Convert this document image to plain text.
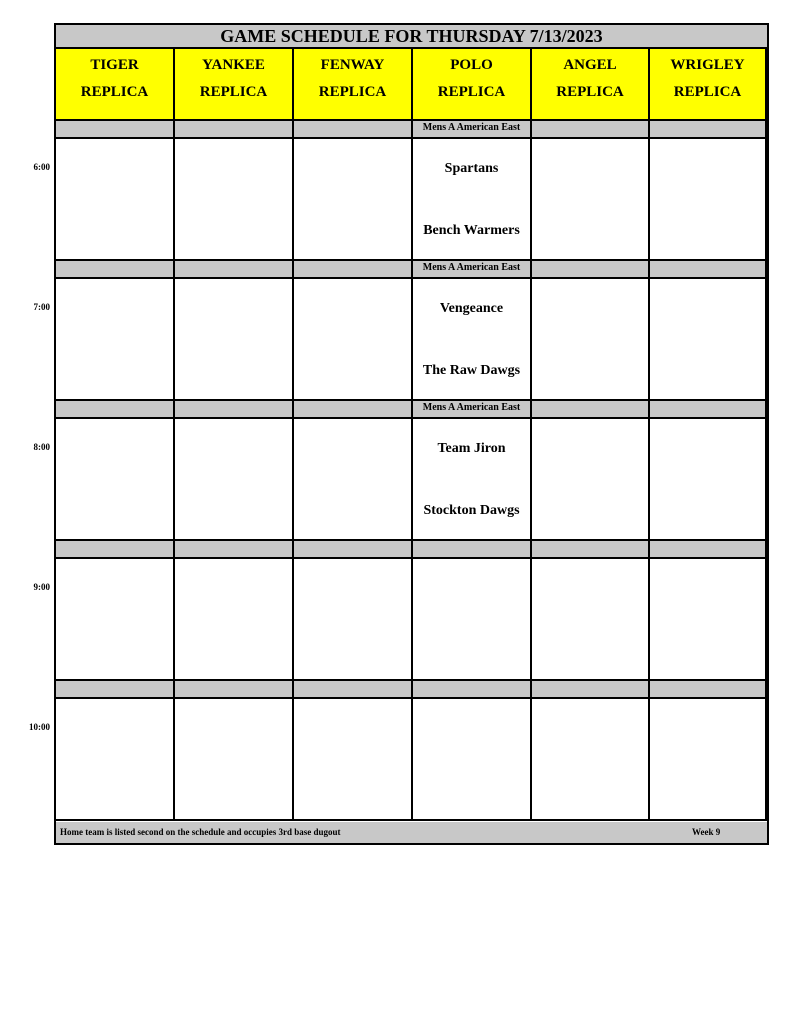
GAME SCHEDULE FOR THURSDAY 7/13/2023
TIGER
REPLICA
YANKEE
REPLICA
FENWAY
REPLICA
POLO
REPLICA
ANGEL
REPLICA
WRIGLEY
REPLICA
Mens A American East
Spartans
Bench Warmers
Mens A American East
Vengeance
The Raw Dawgs
Mens A American East
Team Jiron
Stockton Dawgs
Home team is listed second on the schedule and occupies 3rd base dugout	Week 9
6:00
7:00
8:00
9:00
10:00
